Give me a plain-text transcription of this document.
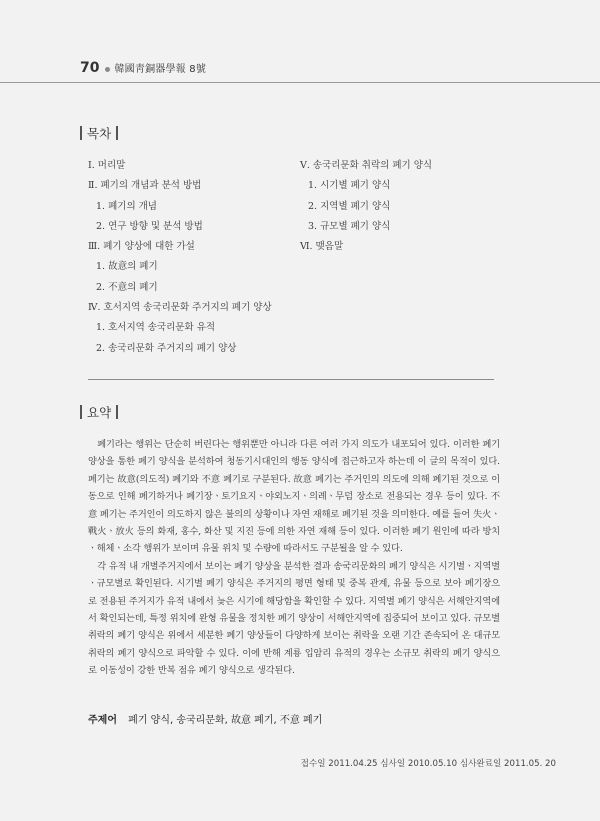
70 韓國靑銅器學報 8號
목차
Ⅰ. 머리말
Ⅱ. 폐기의 개념과 분석 방법
1. 폐기의 개념
2. 연구 방향 및 분석 방법
Ⅲ. 폐기 양상에 대한 가설
1. 故意의 폐기
2. 不意의 폐기
Ⅳ. 호서지역 송국리문화 주거지의 폐기 양상
1. 호서지역 송국리문화 유적
2. 송국리문화 주거지의 폐기 양상
Ⅴ. 송국리문화 취락의 폐기 양식
1. 시기별 폐기 양식
2. 지역별 폐기 양식
3. 규모별 폐기 양식
Ⅵ. 맺음말
요약

폐기라는 행위는 단순히 버린다는 행위뿐만 아니라 다른 여러 가지 의도가 내포되어 있다. 이러한 폐기 양상을 통한 폐기 양식을 분석하여 청동기시대인의 행동 양식에 접근하고자 하는데 이 글의 목적이 있다. 폐기는 故意(의도적) 폐기와 不意 폐기로 구분된다. 故意 폐기는 주거인의 의도에 의해 폐기된 것으로 이동으로 인해 폐기하거나 폐기장ㆍ토기요지ㆍ야외노지ㆍ의례ㆍ무덤 장소로 전용되는 경우 등이 있다. 不意 폐기는 주거인이 의도하지 않은 불의의 상황이나 자연 재해로 폐기된 것을 의미한다. 예를 들어 失火ㆍ戰火ㆍ放火 등의 화재, 홍수, 화산 및 지진 등에 의한 자연 재해 등이 있다. 이러한 폐기 원인에 따라 방치ㆍ해체ㆍ소각 행위가 보이며 유물 위치 및 수량에 따라서도 구분될을 알 수 있다.

각 유적 내 개별주거지에서 보이는 폐기 양상을 분석한 결과 송국리문화의 폐기 양식은 시기별ㆍ지역별ㆍ규모별로 확인된다. 시기별 폐기 양식은 주거지의 평면 형태 및 중복 관계, 유물 등으로 보아 폐기장으로 전용된 주거지가 유적 내에서 늦은 시기에 해당함을 확인할 수 있다. 지역별 폐기 양식은 서해안지역에서 확인되는데, 특정 위치에 완형 유물을 정치한 폐기 양상이 서해안지역에 집중되어 보이고 있다. 규모별 취락의 폐기 양식은 위에서 세분한 폐기 양상들이 다양하게 보이는 취락을 오랜 기간 존속되어 온 대규모 취락의 폐기 양식으로 파악할 수 있다. 이에 반해 계룡 입암리 유적의 경우는 소규모 취락의 폐기 양식으로 이동성이 강한 반복 점유 폐기 양식으로 생각된다.

주제어 폐기 양식, 송국리문화, 故意 폐기, 不意 폐기
접수일 2011.04.25 심사일 2010.05.10 심사완료일 2011.05. 20
